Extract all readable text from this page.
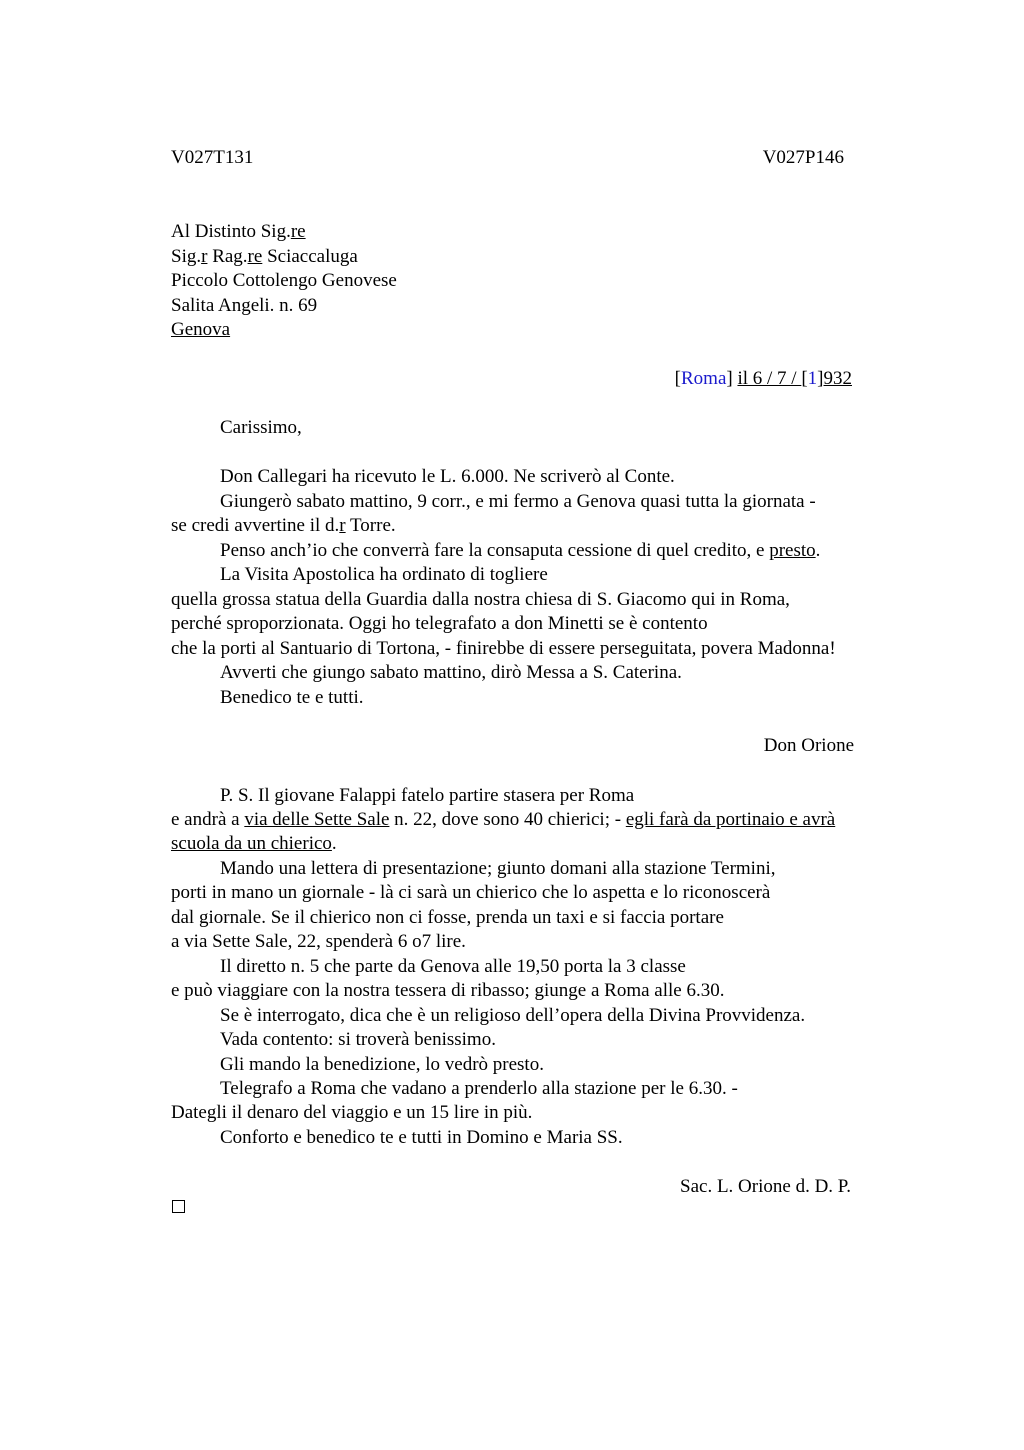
V027T131	V027P146
Al Distinto Sig.re
Sig.r Rag.re Sciaccaluga
Piccolo Cottolengo Genovese
Salita Angeli. n. 69
Genova
[Roma] il 6 / 7 / [1]932
Carissimo,
Don Callegari ha ricevuto le L. 6.000. Ne scriverò al Conte.
Giungerò sabato mattino, 9 corr., e mi fermo a Genova quasi tutta la giornata -
se credi avvertine il d.r Torre.
Penso anch’io che converrà fare la consaputa cessione di quel credito, e presto.
La Visita Apostolica ha ordinato di togliere
quella grossa statua della Guardia dalla nostra chiesa di S. Giacomo qui in Roma,
perché sproporzionata. Oggi ho telegrafato a don Minetti se è contento
che la porti al Santuario di Tortona, - finirebbe di essere perseguitata, povera Madonna!
Avverti che giungo sabato mattino, dirò Messa a S. Caterina.
Benedico te e tutti.
Don Orione
P. S. Il giovane Falappi fatelo partire stasera per Roma
e andrà a via delle Sette Sale n. 22, dove sono 40 chierici; - egli farà da portinaio e avrà
scuola da un chierico.
Mando una lettera di presentazione; giunto domani alla stazione Termini,
porti in mano un giornale - là ci sarà un chierico che lo aspetta e lo riconoscerà
dal giornale. Se il chierico non ci fosse, prenda un taxi e si faccia portare
a via Sette Sale, 22, spenderà 6 o7 lire.
Il diretto n. 5 che parte da Genova alle 19,50 porta la 3 classe
e può viaggiare con la nostra tessera di ribasso; giunge a Roma alle 6.30.
Se è interrogato, dica che è un religioso dell’opera della Divina Provvidenza.
Vada contento: si troverà benissimo.
Gli mando la benedizione, lo vedrò presto.
Telegrafo a Roma che vadano a prenderlo alla stazione per le 6.30. -
Dategli il denaro del viaggio e un 15 lire in più.
Conforto e benedico te e tutti in Domino e Maria SS.
Sac. L. Orione d. D. P.
